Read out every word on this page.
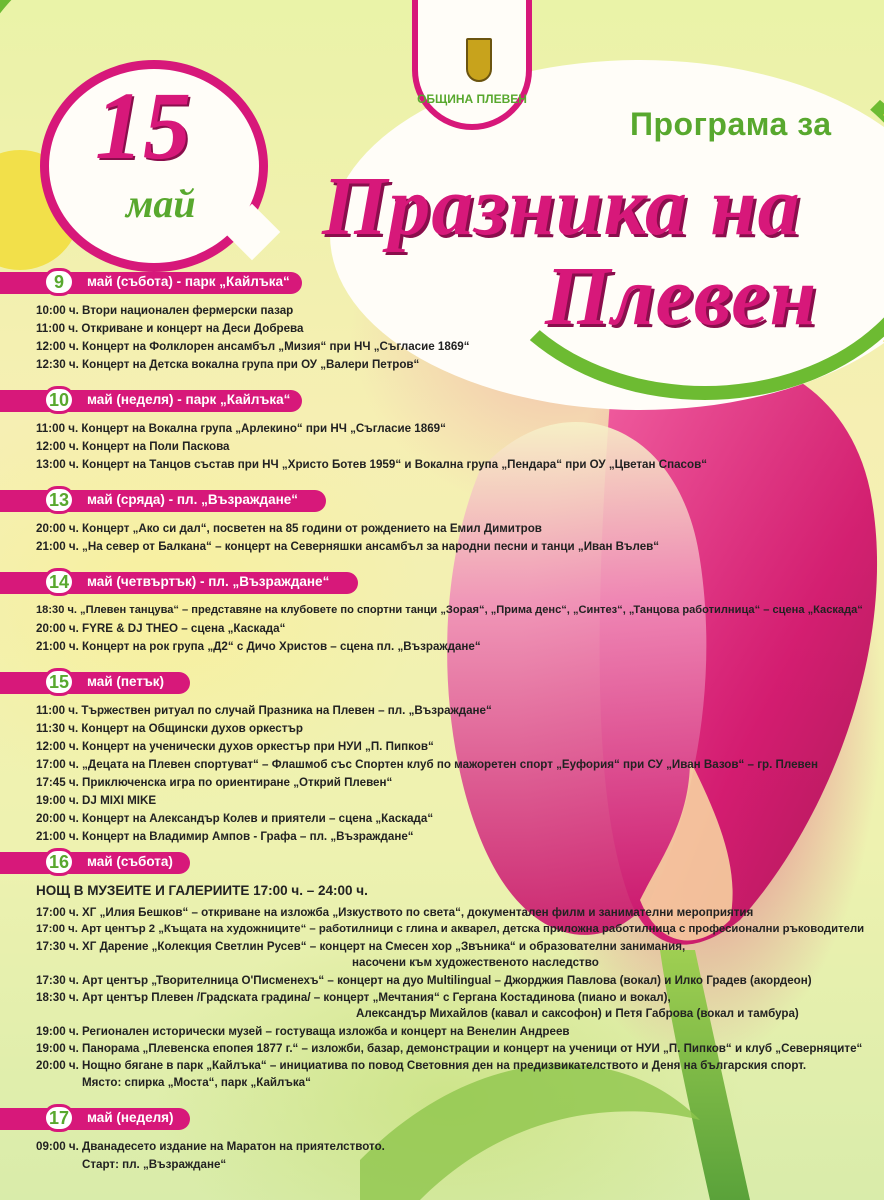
15
май
ОБЩИНА ПЛЕВЕН
Програма за
Празника на
Плевен
9	май (събота) - парк „Кайлъка“
10:00 ч. Втори национален фермерски пазар
11:00 ч. Откриване и концерт на Деси Добрева
12:00 ч. Концерт на Фолклорен ансамбъл „Мизия“ при НЧ „Съгласие 1869“
12:30 ч. Концерт на Детска вокална група при ОУ „Валери Петров“
10	май (неделя) - парк „Кайлъка“
11:00 ч. Концерт на Вокална група „Арлекино“ при НЧ „Съгласие 1869“
12:00 ч. Концерт на Поли Паскова
13:00 ч. Концерт на Танцов състав при НЧ „Христо Ботев 1959“ и Вокална група „Пендара“ при ОУ „Цветан Спасов“
13	май (сряда) - пл. „Възраждане“
20:00 ч. Концерт „Ако си дал“, посветен на 85 години от рождението на Емил Димитров
21:00 ч. „На север от Балкана“ – концерт на Северняшки ансамбъл за народни песни и танци „Иван Вълев“
14	май (четвъртък) - пл. „Възраждане“
18:30 ч. „Плевен танцува“ – представяне на клубовете по спортни танци „Зорая“, „Прима денс“, „Синтез“, „Танцова работилница“ – сцена „Каскада“
20:00 ч. FYRE & DJ THEO – сцена „Каскада“
21:00 ч. Концерт на рок група „Д2“ с Дичо Христов – сцена пл. „Възраждане“
15	май (петък)
11:00 ч. Тържествен ритуал по случай Празника на Плевен – пл. „Възраждане“
11:30 ч. Концерт на Общински духов оркестър
12:00 ч. Концерт на ученически духов оркестър при НУИ „П. Пипков“
17:00 ч. „Децата на Плевен спортуват“ – Флашмоб със Спортен клуб по мажоретен спорт „Еуфория“ при СУ „Иван Вазов“ – гр. Плевен
17:45 ч. Приключенска игра по ориентиране „Открий Плевен“
19:00 ч. DJ MIXI MIKE
20:00 ч. Концерт на Александър Колев и приятели – сцена „Каскада“
21:00 ч. Концерт на Владимир Ампов - Графа – пл. „Възраждане“
16	май (събота)
НОЩ В МУЗЕИТЕ И ГАЛЕРИИТЕ 17:00 ч. – 24:00 ч.
17:00 ч. ХГ „Илия Бешков“ – откриване на изложба „Изкуството по света“, документален филм и занимателни мероприятия
17:00 ч. Арт център 2 „Къщата на художниците“ – работилници с глина и акварел, детска приложна работилница с професионални ръководители
17:30 ч. ХГ Дарение „Колекция Светлин Русев“ – концерт на Смесен хор „Звъника“ и образователни занимания,
насочени към художественото наследство
17:30 ч. Арт център „Творителница О'Писменехъ“ – концерт на дуо Multilingual – Джорджия Павлова (вокал) и Илко Градев (акордеон)
18:30 ч. Арт център Плевен /Градската градина/ – концерт „Мечтания“ с Гергана Костадинова (пиано и вокал),
Александър Михайлов (кавал и саксофон) и Петя Габрова (вокал и тамбура)
19:00 ч. Регионален исторически музей – гостуваща изложба и концерт на Венелин Андреев
19:00 ч. Панорама „Плевенска епопея 1877 г.“ – изложби, базар, демонстрации и концерт на ученици от НУИ „П. Пипков“ и клуб „Северняците“
20:00 ч. Нощно бягане в парк „Кайлъка“ – инициатива по повод Световния ден на предизвикателството и Деня на българския спорт.
Място: спирка „Моста“, парк „Кайлъка“
17	май (неделя)
09:00 ч. Дванадесето издание на Маратон на приятелството.
Старт: пл. „Възраждане“
